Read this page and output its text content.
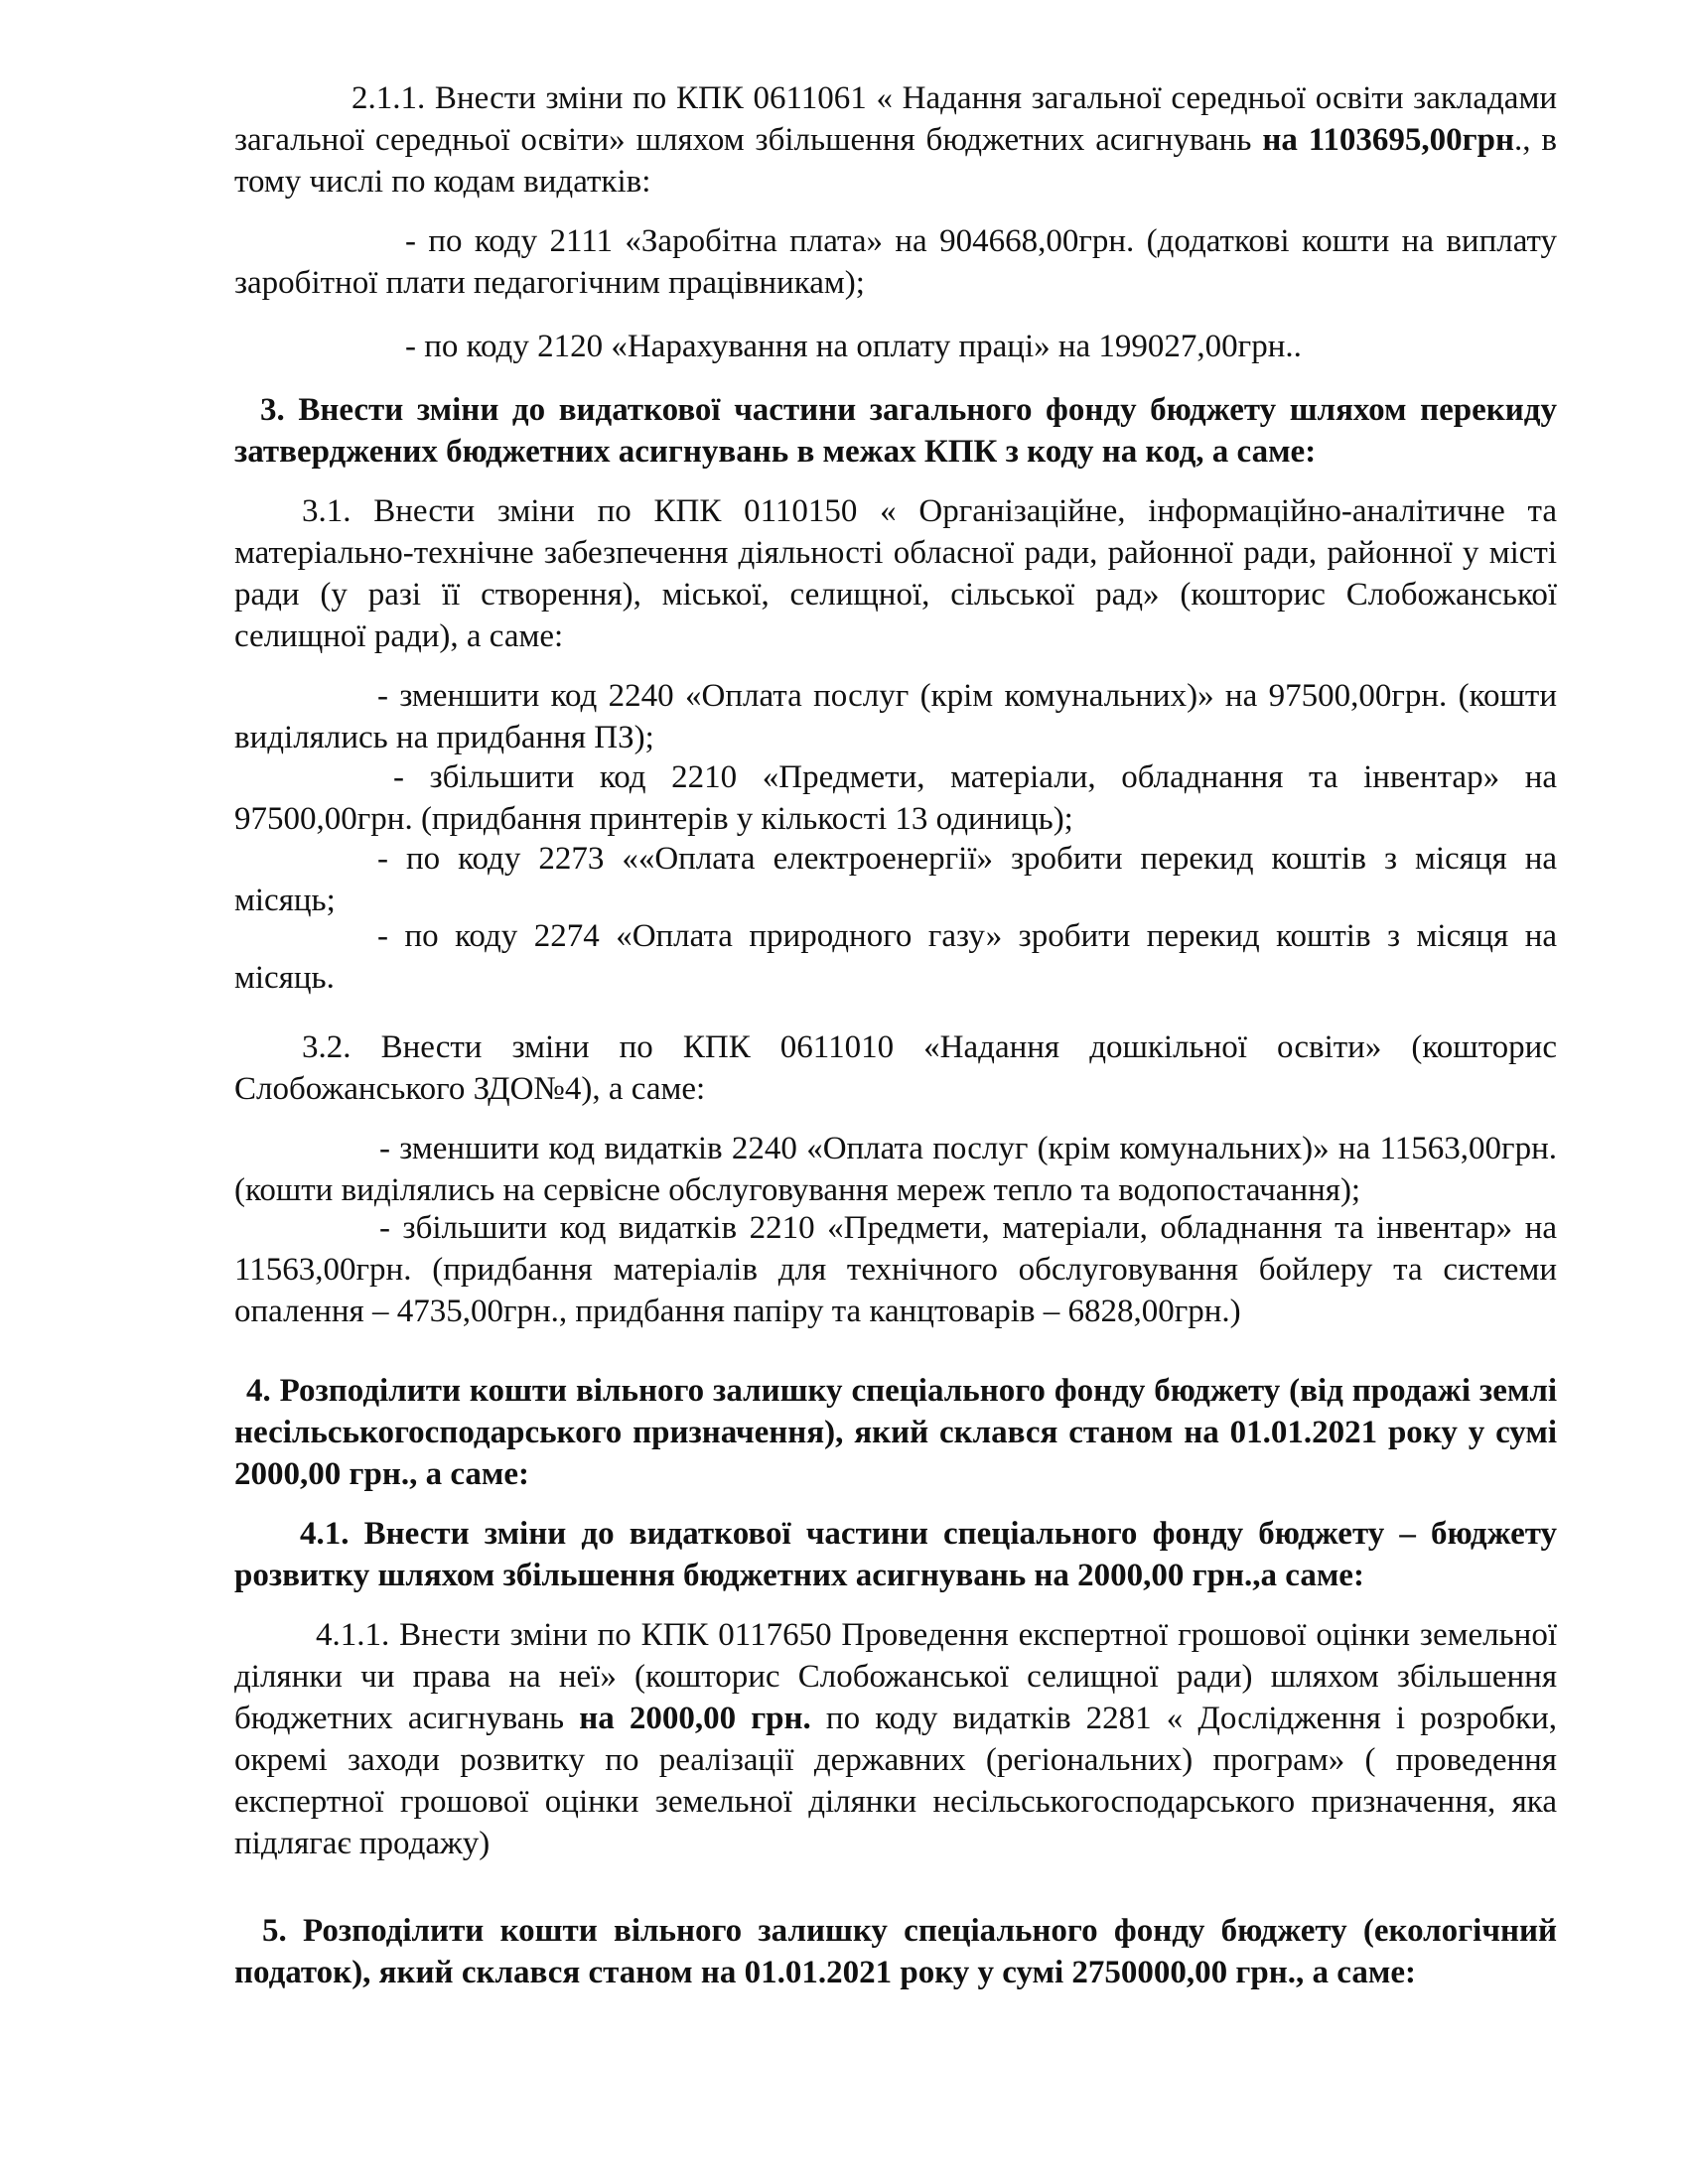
2.1.1. Внести зміни по КПК 0611061 « Надання загальної середньої освіти закладами загальної середньої освіти» шляхом збільшення бюджетних асигнувань на 1103695,00грн., в тому числі по кодам видатків:

- по коду 2111 «Заробітна плата» на 904668,00грн. (додаткові кошти на виплату заробітної плати педагогічним працівникам);

- по коду 2120 «Нарахування на оплату праці» на 199027,00грн..

3. Внести зміни до видаткової частини загального фонду бюджету шляхом перекиду затверджених бюджетних асигнувань в межах КПК з коду на код, а саме:

3.1. Внести зміни по КПК 0110150 « Організаційне, інформаційно-аналітичне та матеріально-технічне забезпечення діяльності обласної ради, районної ради, районної у місті ради (у разі її створення), міської, селищної, сільської рад» (кошторис Слобожанської селищної ради), а саме:

- зменшити код 2240 «Оплата послуг (крім комунальних)» на 97500,00грн. (кошти виділялись на придбання ПЗ);

- збільшити код 2210 «Предмети, матеріали, обладнання та інвентар» на 97500,00грн. (придбання принтерів у кількості 13 одиниць);

- по коду 2273 ««Оплата електроенергії» зробити перекид коштів з місяця на місяць;

- по коду 2274 «Оплата природного газу» зробити перекид коштів з місяця на місяць.

3.2. Внести зміни по КПК 0611010 «Надання дошкільної освіти» (кошторис Слобожанського ЗДО№4), а саме:

- зменшити код видатків 2240 «Оплата послуг (крім комунальних)» на 11563,00грн. (кошти виділялись на сервісне обслуговування мереж тепло та водопостачання);

- збільшити код видатків 2210 «Предмети, матеріали, обладнання та інвентар» на 11563,00грн. (придбання матеріалів для технічного обслуговування бойлеру та системи опалення – 4735,00грн., придбання папіру та канцтоварів – 6828,00грн.)

4. Розподілити кошти вільного залишку спеціального фонду бюджету (від продажі землі несільськогосподарського призначення), який склався станом на 01.01.2021 року у сумі 2000,00 грн., а саме:

4.1. Внести зміни до видаткової частини спеціального фонду бюджету – бюджету розвитку шляхом збільшення бюджетних асигнувань на 2000,00 грн.,а саме:

4.1.1. Внести зміни по КПК 0117650 Проведення експертної грошової оцінки земельної ділянки чи права на неї» (кошторис Слобожанської селищної ради) шляхом збільшення бюджетних асигнувань на 2000,00 грн. по коду видатків 2281 « Дослідження і розробки, окремі заходи розвитку по реалізації державних (регіональних) програм» ( проведення експертної грошової оцінки земельної ділянки несільськогосподарського призначення, яка підлягає продажу)

5. Розподілити кошти вільного залишку спеціального фонду бюджету (екологічний податок), який склався станом на 01.01.2021 року у сумі 2750000,00 грн., а саме:
